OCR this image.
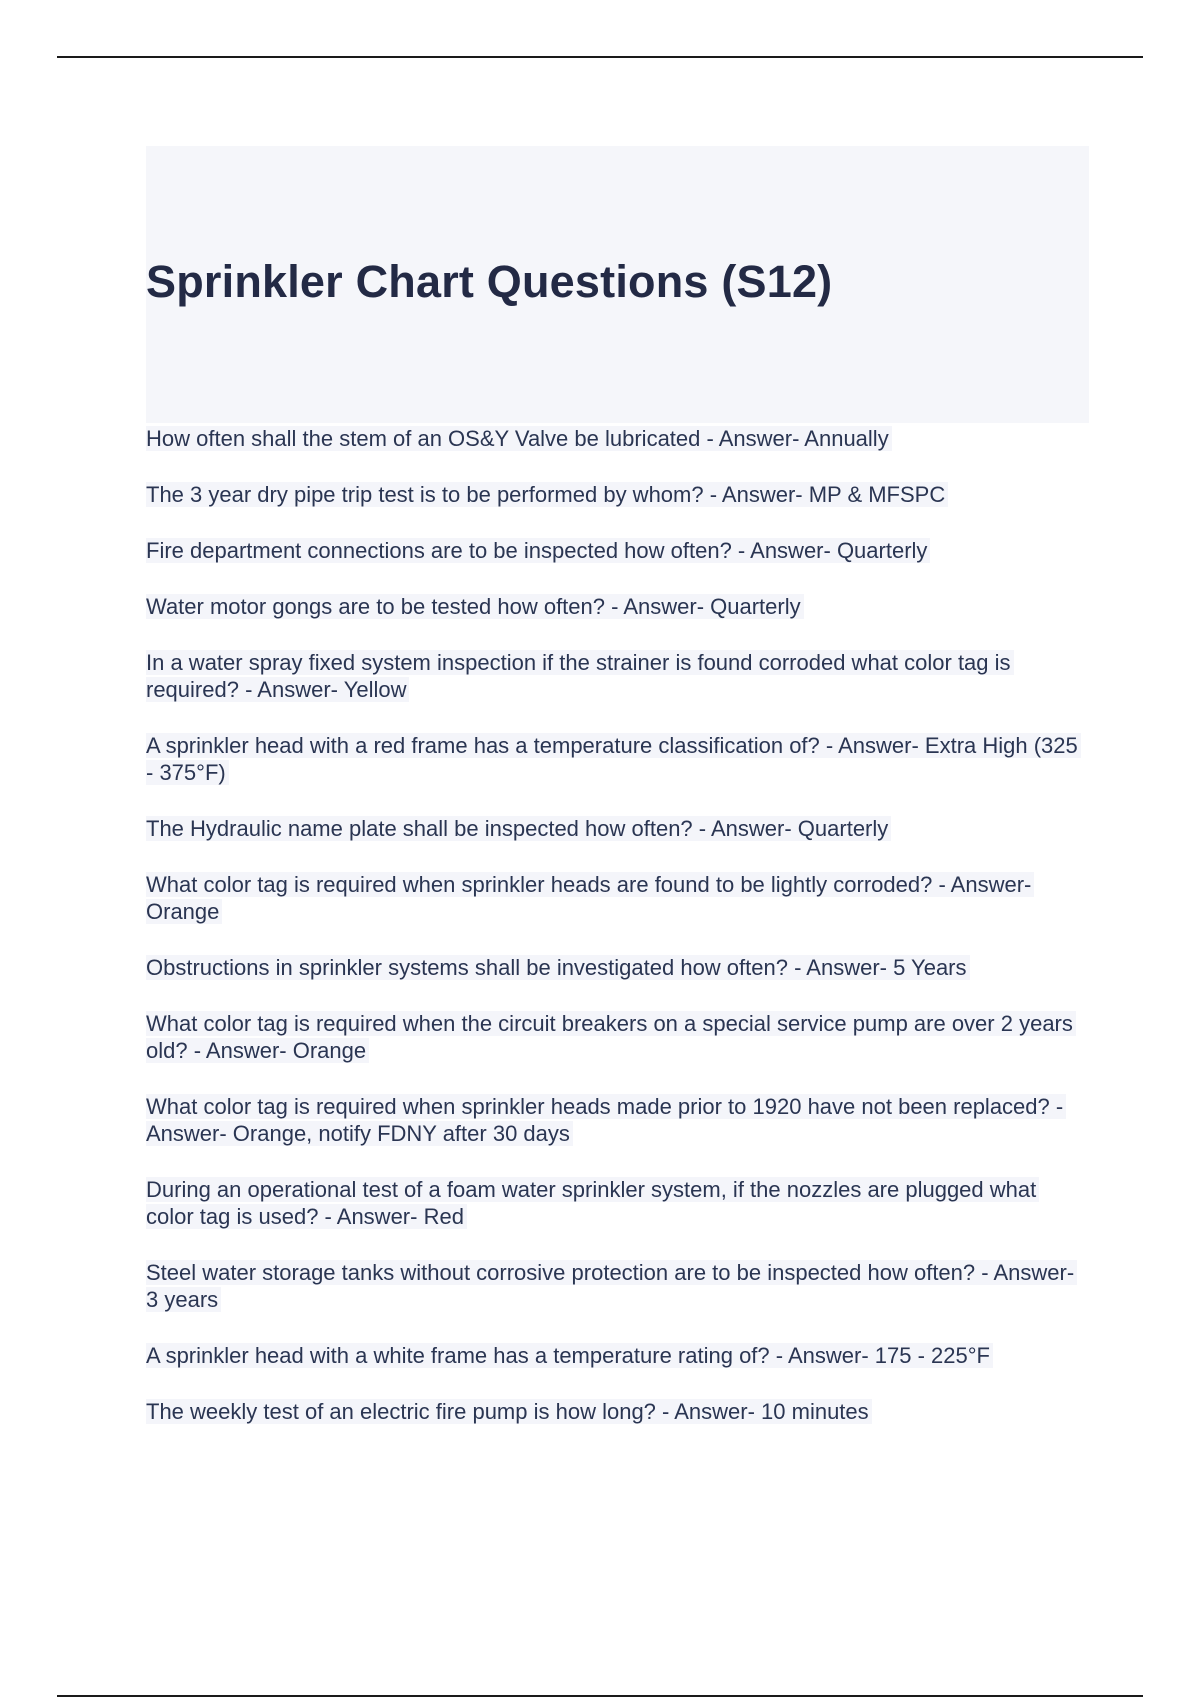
Sprinkler Chart Questions (S12)
How often shall the stem of an OS&Y Valve be lubricated - Answer- Annually
The 3 year dry pipe trip test is to be performed by whom? - Answer- MP & MFSPC
Fire department connections are to be inspected how often? - Answer- Quarterly
Water motor gongs are to be tested how often? - Answer- Quarterly
In a water spray fixed system inspection if the strainer is found corroded what color tag is required? - Answer- Yellow
A sprinkler head with a red frame has a temperature classification of? - Answer- Extra High (325 - 375°F)
The Hydraulic name plate shall be inspected how often? - Answer- Quarterly
What color tag is required when sprinkler heads are found to be lightly corroded? - Answer- Orange
Obstructions in sprinkler systems shall be investigated how often? - Answer- 5 Years
What color tag is required when the circuit breakers on a special service pump are over 2 years old? - Answer- Orange
What color tag is required when sprinkler heads made prior to 1920 have not been replaced? - Answer- Orange, notify FDNY after 30 days
During an operational test of a foam water sprinkler system, if the nozzles are plugged what color tag is used? - Answer- Red
Steel water storage tanks without corrosive protection are to be inspected how often? - Answer- 3 years
A sprinkler head with a white frame has a temperature rating of? - Answer- 175 - 225°F
The weekly test of an electric fire pump is how long? - Answer- 10 minutes
